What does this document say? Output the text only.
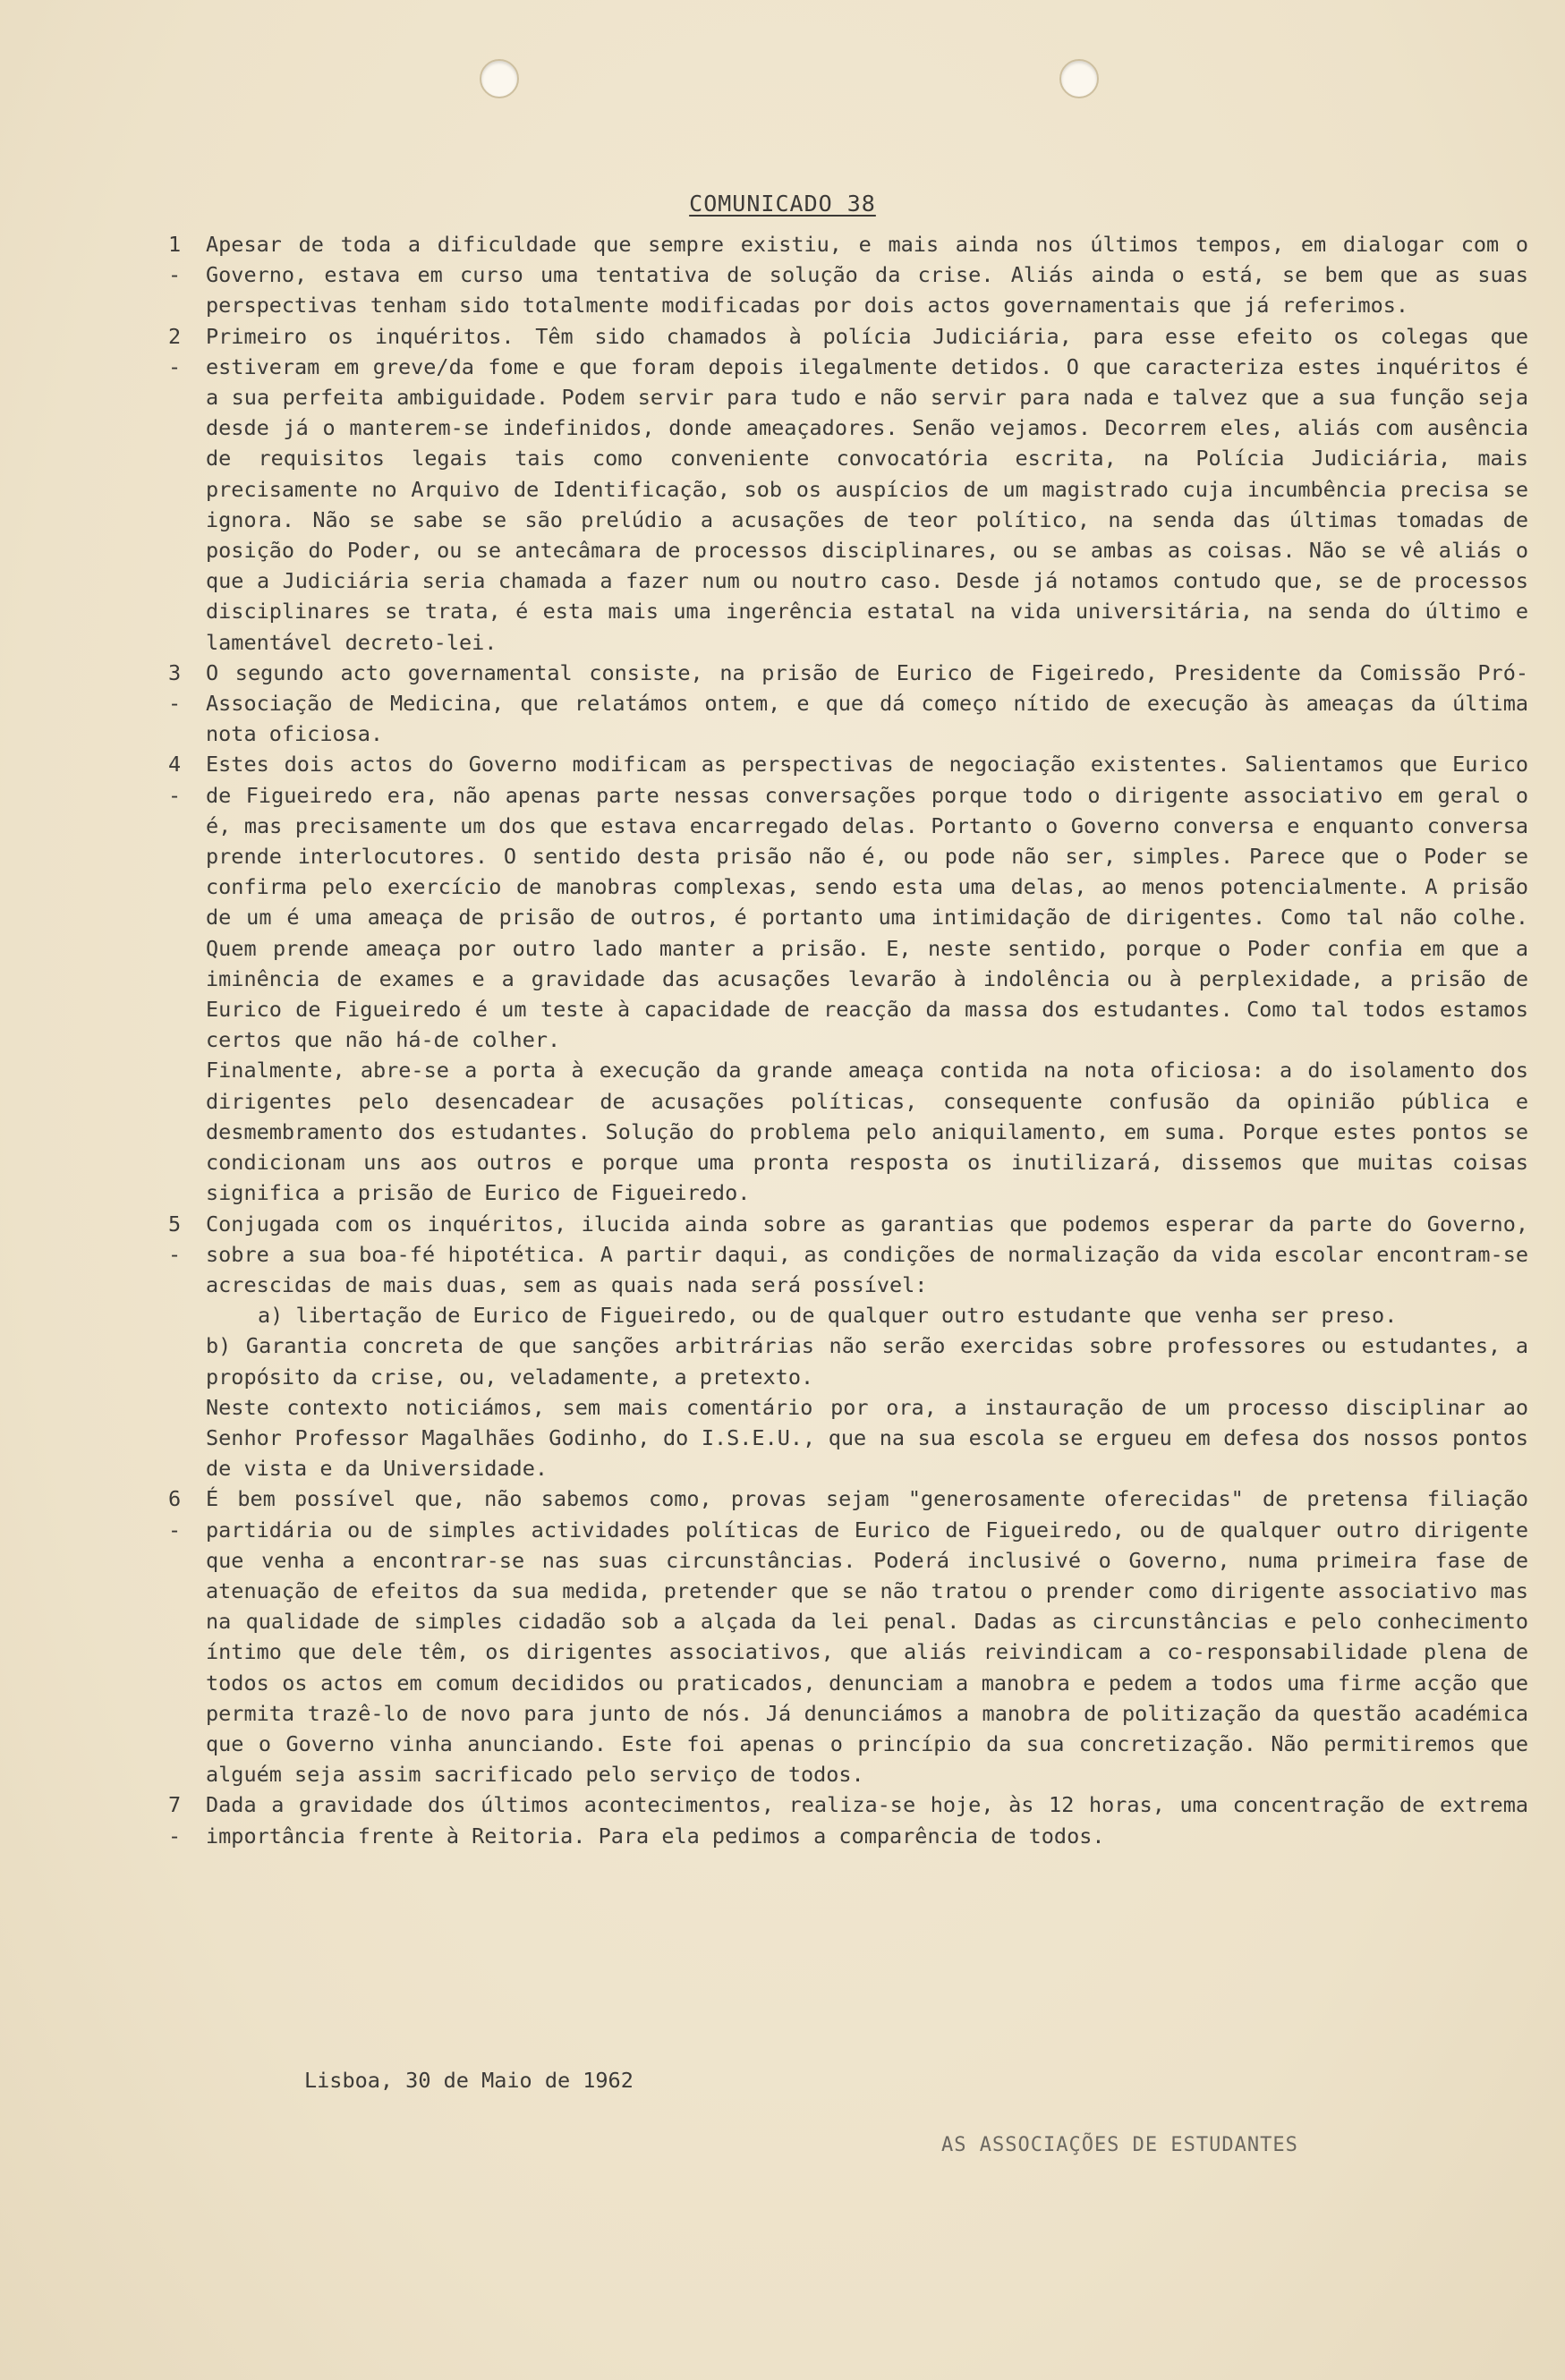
COMUNICADO 38
1 -
Apesar de toda a dificuldade que sempre existiu, e mais ainda nos últimos tempos, em dialogar com o Governo, estava em curso uma tentativa de solução da crise. Aliás ainda o está, se bem que as suas perspectivas tenham sido totalmente modificadas por dois actos governamentais que já referimos.
2 -
Primeiro os inquéritos. Têm sido chamados à polícia Judiciária, para esse efeito os colegas que estiveram em greve/da fome e que foram depois ilegalmente detidos. O que caracteriza estes inquéritos é a sua perfeita ambiguidade. Podem servir para tudo e não servir para nada e talvez que a sua função seja desde já o manterem-se indefinidos, donde ameaçadores. Senão vejamos. Decorrem eles, aliás com ausência de requisitos legais tais como conveniente convocatória escrita, na Polícia Judiciária, mais precisamente no Arquivo de Identificação, sob os auspícios de um magistrado cuja incumbência precisa se ignora. Não se sabe se são prelúdio a acusações de teor político, na senda das últimas tomadas de posição do Poder, ou se antecâmara de processos disciplinares, ou se ambas as coisas. Não se vê aliás o que a Judiciária seria chamada a fazer num ou noutro caso. Desde já notamos contudo que, se de processos disciplinares se trata, é esta mais uma ingerência estatal na vida universitária, na senda do último e lamentável decreto-lei.
3 -
O segundo acto governamental consiste, na prisão de Eurico de Figeiredo, Presidente da Comissão Pró-Associação de Medicina, que relatámos ontem, e que dá começo nítido de execução às ameaças da última nota oficiosa.
4 -
Estes dois actos do Governo modificam as perspectivas de negociação existentes. Salientamos que Eurico de Figueiredo era, não apenas parte nessas conversações porque todo o dirigente associativo em geral o é, mas precisamente um dos que estava encarregado delas. Portanto o Governo conversa e enquanto conversa prende interlocutores. O sentido desta prisão não é, ou pode não ser, simples. Parece que o Poder se confirma pelo exercício de manobras complexas, sendo esta uma delas, ao menos potencialmente. A prisão de um é uma ameaça de prisão de outros, é portanto uma intimidação de dirigentes. Como tal não colhe. Quem prende ameaça por outro lado manter a prisão. E, neste sentido, porque o Poder confia em que a iminência de exames e a gravidade das acusações levarão à indolência ou à perplexidade, a prisão de Eurico de Figueiredo é um teste à capacidade de reacção da massa dos estudantes. Como tal todos estamos certos que não há-de colher.

Finalmente, abre-se a porta à execução da grande ameaça contida na nota oficiosa: a do isolamento dos dirigentes pelo desencadear de acusações políticas, consequente confusão da opinião pública e desmembramento dos estudantes. Solução do problema pelo aniquilamento, em suma. Porque estes pontos se condicionam uns aos outros e porque uma pronta resposta os inutilizará, dissemos que muitas coisas significa a prisão de Eurico de Figueiredo.

5 -
Conjugada com os inquéritos, ilucida ainda sobre as garantias que podemos esperar da parte do Governo, sobre a sua boa-fé hipotética. A partir daqui, as condições de normalização da vida escolar encontram-se acrescidas de mais duas, sem as quais nada será possível:

a) libertação de Eurico de Figueiredo, ou de qualquer outro estudante que venha ser preso.

b) Garantia concreta de que sanções arbitrárias não serão exercidas sobre professores ou estudantes, a propósito da crise, ou, veladamente, a pretexto.

Neste contexto noticiámos, sem mais comentário por ora, a instauração de um processo disciplinar ao Senhor Professor Magalhães Godinho, do I.S.E.U., que na sua escola se ergueu em defesa dos nossos pontos de vista e da Universidade.

6 -
É bem possível que, não sabemos como, provas sejam "generosamente oferecidas" de pretensa filiação partidária ou de simples actividades políticas de Eurico de Figueiredo, ou de qualquer outro dirigente que venha a encontrar-se nas suas circunstâncias. Poderá inclusivé o Governo, numa primeira fase de atenuação de efeitos da sua medida, pretender que se não tratou o prender como dirigente associativo mas na qualidade de simples cidadão sob a alçada da lei penal. Dadas as circunstâncias e pelo conhecimento íntimo que dele têm, os dirigentes associativos, que aliás reivindicam a co-responsabilidade plena de todos os actos em comum decididos ou praticados, denunciam a manobra e pedem a todos uma firme acção que permita trazê-lo de novo para junto de nós. Já denunciámos a manobra de politização da questão académica que o Governo vinha anunciando. Este foi apenas o princípio da sua concretização. Não permitiremos que alguém seja assim sacrificado pelo serviço de todos.
7 -
Dada a gravidade dos últimos acontecimentos, realiza-se hoje, às 12 horas, uma concentração de extrema importância frente à Reitoria. Para ela pedimos a comparência de todos.
Lisboa, 30 de Maio de 1962
AS ASSOCIAÇÕES DE ESTUDANTES
